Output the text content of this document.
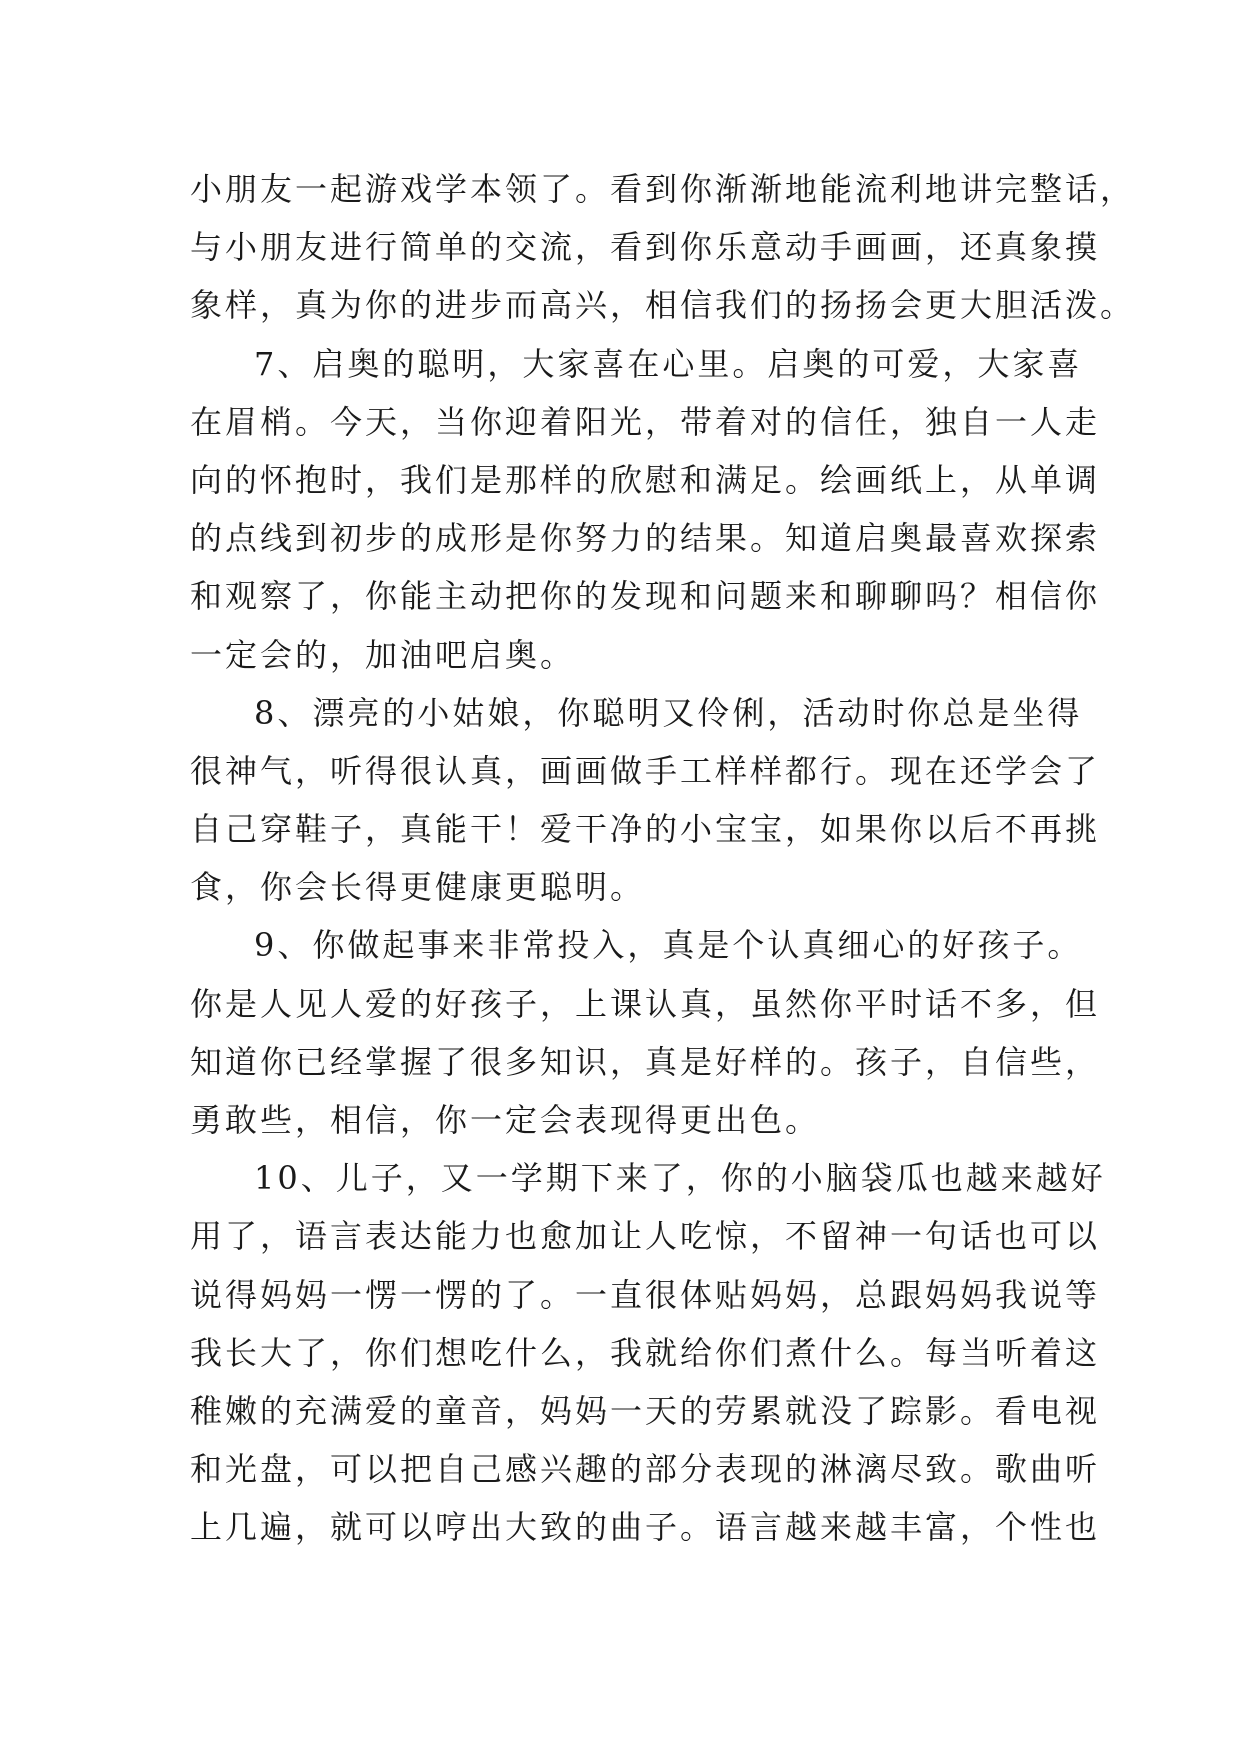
小朋友一起游戏学本领了。看到你渐渐地能流利地讲完整话，
与小朋友进行简单的交流，看到你乐意动手画画，还真象摸
象样，真为你的进步而高兴，相信我们的扬扬会更大胆活泼。
7、启奥的聪明，大家喜在心里。启奥的可爱，大家喜
在眉梢。今天，当你迎着阳光，带着对的信任，独自一人走
向的怀抱时，我们是那样的欣慰和满足。绘画纸上，从单调
的点线到初步的成形是你努力的结果。知道启奥最喜欢探索
和观察了，你能主动把你的发现和问题来和聊聊吗？相信你
一定会的，加油吧启奥。
8、漂亮的小姑娘，你聪明又伶俐，活动时你总是坐得
很神气，听得很认真，画画做手工样样都行。现在还学会了
自己穿鞋子，真能干！爱干净的小宝宝，如果你以后不再挑
食，你会长得更健康更聪明。
9、你做起事来非常投入，真是个认真细心的好孩子。
你是人见人爱的好孩子，上课认真，虽然你平时话不多，但
知道你已经掌握了很多知识，真是好样的。孩子，自信些，
勇敢些，相信，你一定会表现得更出色。
10、儿子，又一学期下来了，你的小脑袋瓜也越来越好
用了，语言表达能力也愈加让人吃惊，不留神一句话也可以
说得妈妈一愣一愣的了。一直很体贴妈妈，总跟妈妈我说等
我长大了，你们想吃什么，我就给你们煮什么。每当听着这
稚嫩的充满爱的童音，妈妈一天的劳累就没了踪影。看电视
和光盘，可以把自己感兴趣的部分表现的淋漓尽致。歌曲听
上几遍，就可以哼出大致的曲子。语言越来越丰富，个性也
